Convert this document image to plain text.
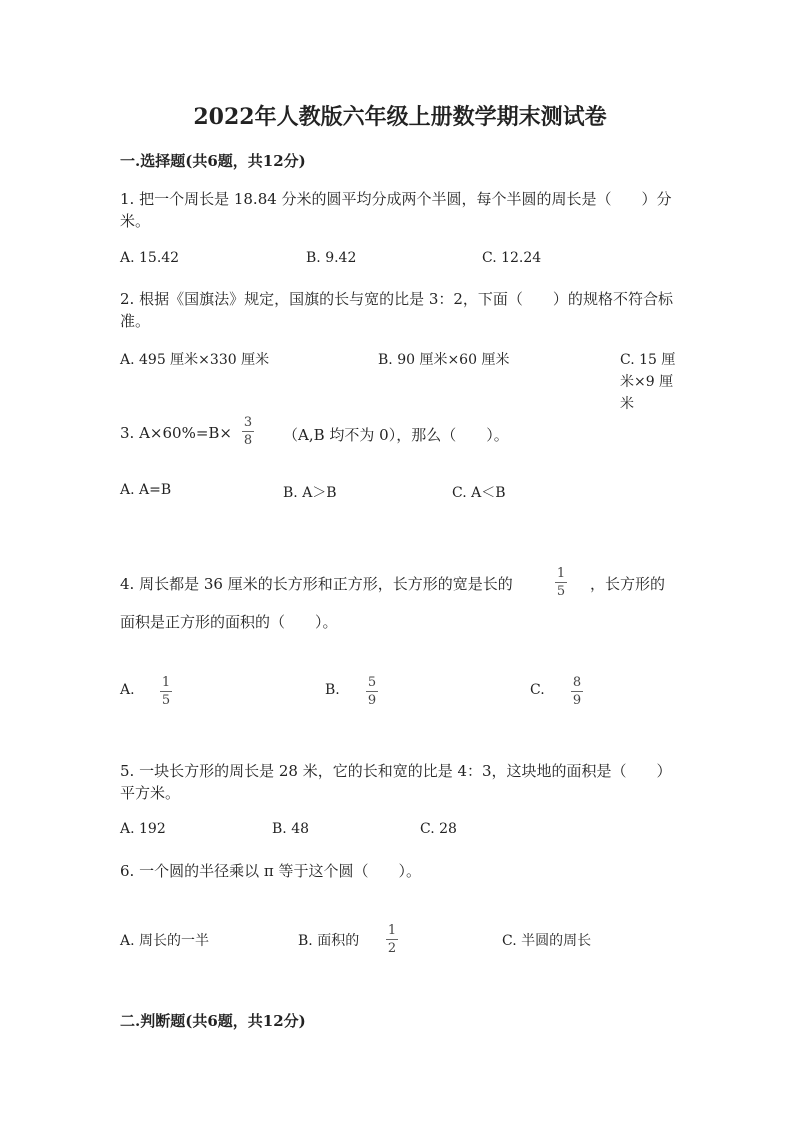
2022年人教版六年级上册数学期末测试卷
一.选择题(共6题，共12分)
1. 把一个周长是 18.84 分米的圆平均分成两个半圆，每个半圆的周长是（　　）分米。
A. 15.42	B. 9.42	C. 12.24
2. 根据《国旗法》规定，国旗的长与宽的比是 3：2，下面（　　）的规格不符合标准。
A. 495 厘米×330 厘米	B. 90 厘米×60 厘米	C. 15 厘米×9 厘米
3. A×60%=B×
3
8 （A,B 均不为 0），那么（　　）。
A. A=B	B. A＞B	C. A＜B
4. 周长都是 36 厘米的长方形和正方形，长方形的宽是长的
1
5 ，长方形的
面积是正方形的面积的（　　）。
A. 1
5
B. 5
9
C. 8
9
5. 一块长方形的周长是 28 米，它的长和宽的比是 4：3，这块地的面积是（　　）平方米。
A. 192	B. 48	C. 28
6. 一个圆的半径乘以 π 等于这个圆（　　）。
A. 周长的一半	B. 面积的
1
2	C. 半圆的周长
二.判断题(共6题，共12分)
